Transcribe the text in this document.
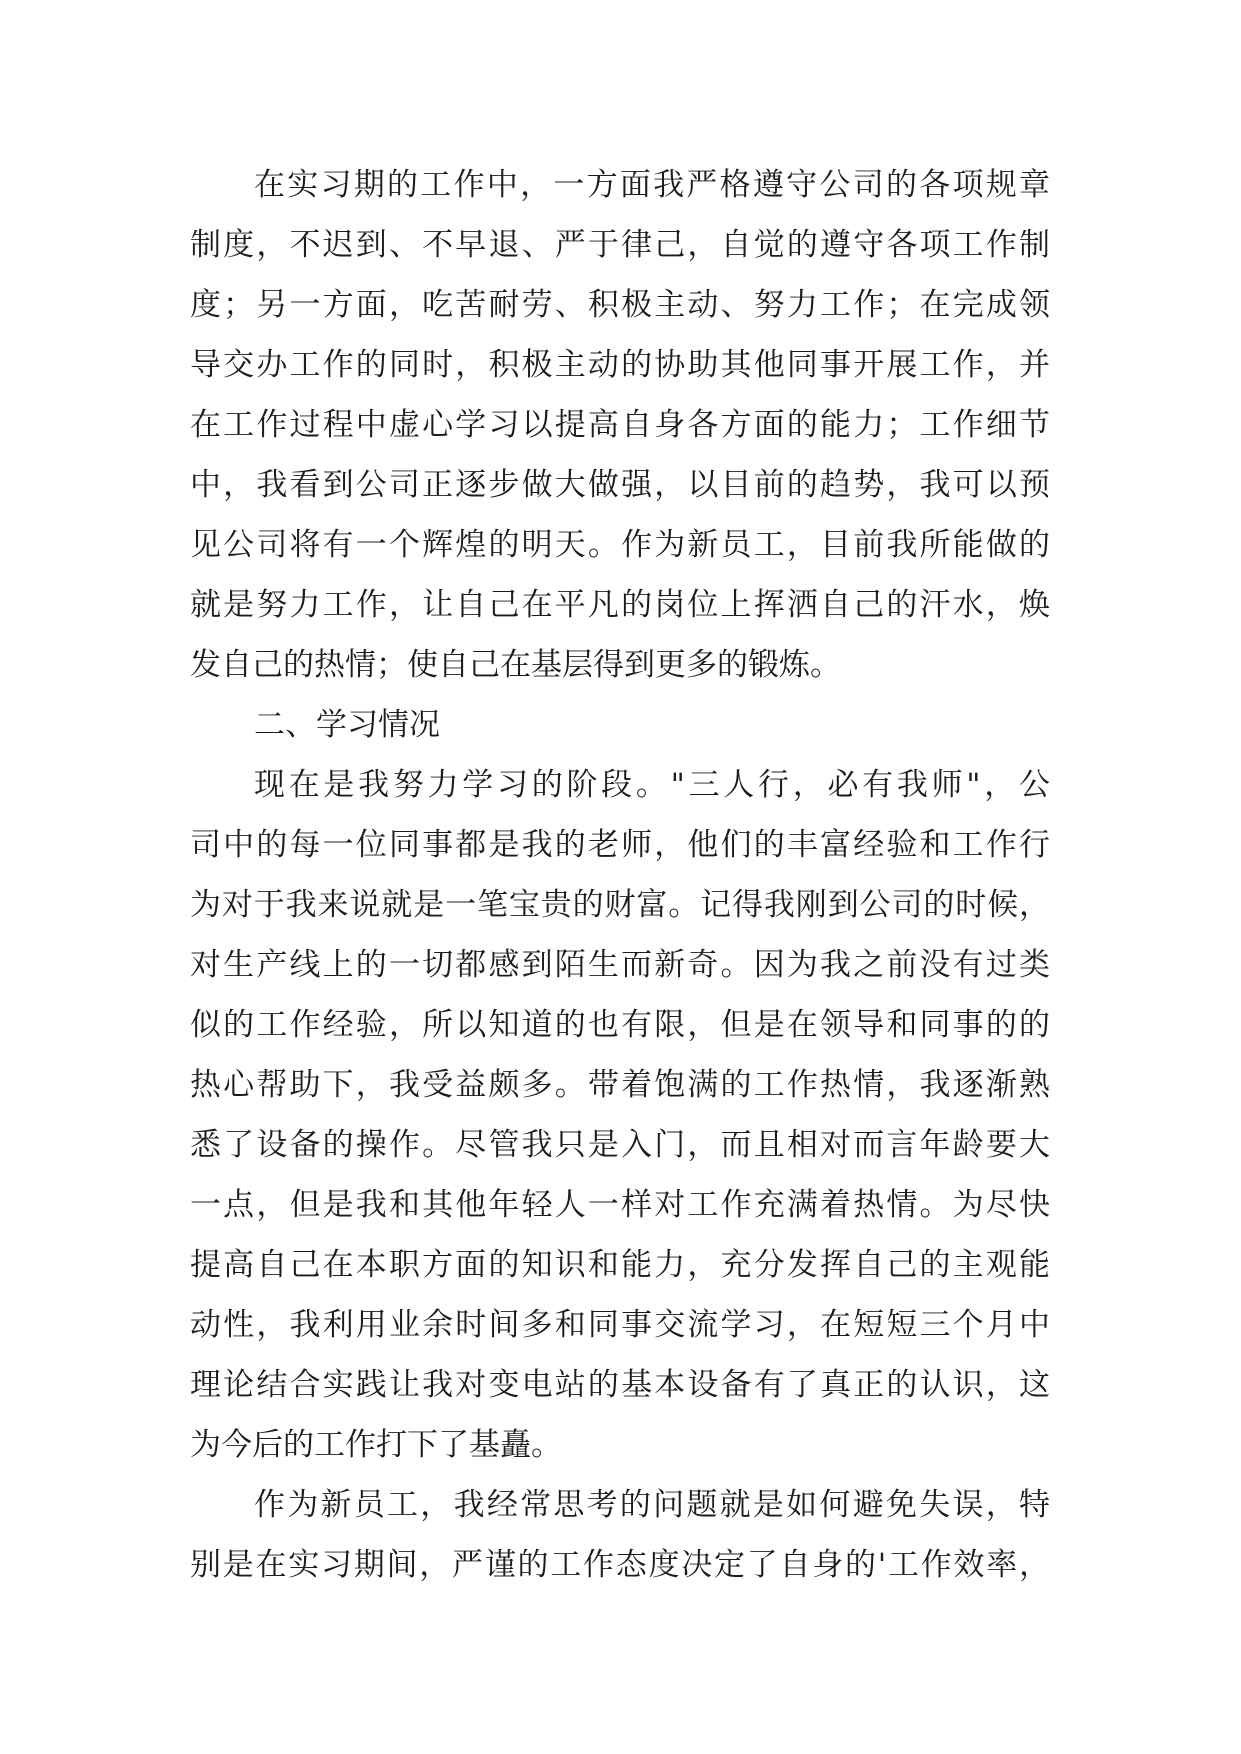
在实习期的工作中，一方面我严格遵守公司的各项规章
制度，不迟到、不早退、严于律己，自觉的遵守各项工作制
度；另一方面，吃苦耐劳、积极主动、努力工作；在完成领
导交办工作的同时，积极主动的协助其他同事开展工作，并
在工作过程中虚心学习以提高自身各方面的能力；工作细节
中，我看到公司正逐步做大做强，以目前的趋势，我可以预
见公司将有一个辉煌的明天。作为新员工，目前我所能做的
就是努力工作，让自己在平凡的岗位上挥洒自己的汗水，焕
发自己的热情；使自己在基层得到更多的锻炼。
二、学习情况
现在是我努力学习的阶段。"三人行，必有我师"，公
司中的每一位同事都是我的老师，他们的丰富经验和工作行
为对于我来说就是一笔宝贵的财富。记得我刚到公司的时候，
对生产线上的一切都感到陌生而新奇。因为我之前没有过类
似的工作经验，所以知道的也有限，但是在领导和同事的的
热心帮助下，我受益颇多。带着饱满的工作热情，我逐渐熟
悉了设备的操作。尽管我只是入门，而且相对而言年龄要大
一点，但是我和其他年轻人一样对工作充满着热情。为尽快
提高自己在本职方面的知识和能力，充分发挥自己的主观能
动性，我利用业余时间多和同事交流学习，在短短三个月中
理论结合实践让我对变电站的基本设备有了真正的认识，这
为今后的工作打下了基矗。
作为新员工，我经常思考的问题就是如何避免失误，特
别是在实习期间，严谨的工作态度决定了自身的'工作效率，
